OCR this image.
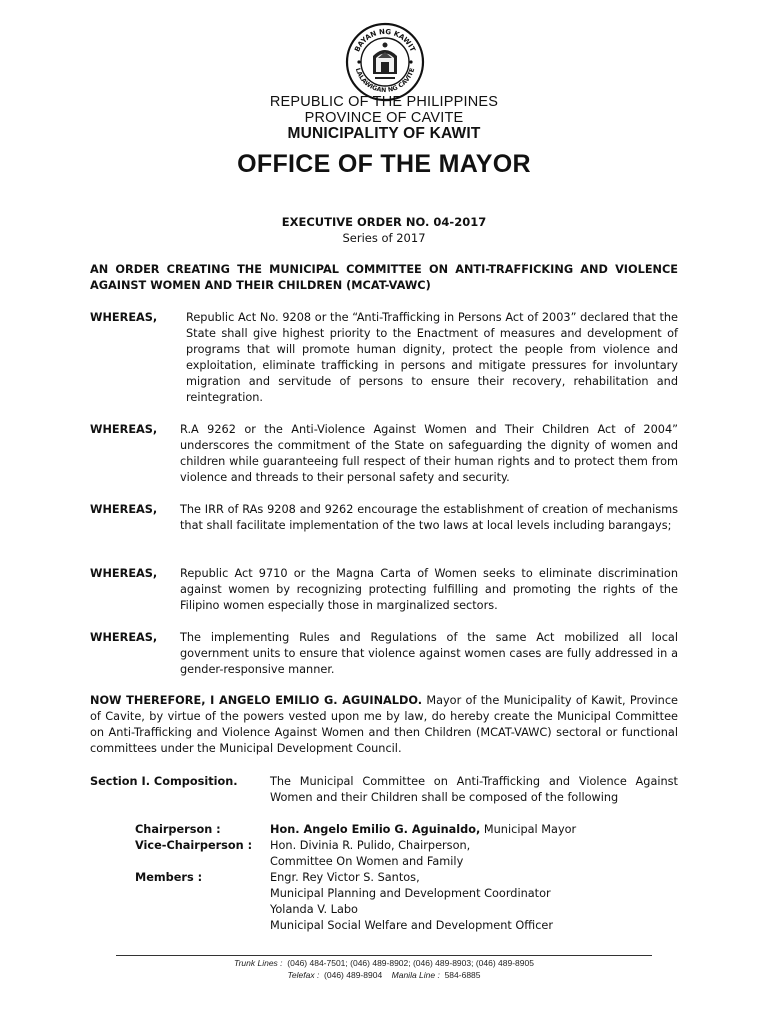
BAYAN NG KAWIT
LALAWIGAN NG CAVITE
REPUBLIC OF THE PHILIPPINES
PROVINCE OF CAVITE
MUNICIPALITY OF KAWIT
OFFICE OF THE MAYOR
EXECUTIVE ORDER NO. 04-2017
Series of 2017
AN ORDER CREATING THE MUNICIPAL COMMITTEE ON ANTI-TRAFFICKING AND VIOLENCE AGAINST WOMEN AND THEIR CHILDREN (MCAT-VAWC)
WHEREAS,	Republic Act No. 9208 or the “Anti-Trafficking in Persons Act of 2003” declared that the State shall give highest priority to the Enactment of measures and development of programs that will promote human dignity, protect the people from violence and exploitation, eliminate trafficking in persons and mitigate pressures for involuntary migration and servitude of persons to ensure their recovery, rehabilitation and reintegration.
WHEREAS, R.A 9262 or the Anti-Violence Against Women and Their Children Act of 2004” underscores the commitment of the State on safeguarding the dignity of women and children while guaranteeing full respect of their human rights and to protect them from violence and threads to their personal safety and security.
WHEREAS, The IRR of RAs 9208 and 9262 encourage the establishment of creation of mechanisms that shall facilitate implementation of the two laws at local levels including barangays;
WHEREAS, Republic Act 9710 or the Magna Carta of Women seeks to eliminate discrimination against women by recognizing protecting fulfilling and promoting the rights of the Filipino women especially those in marginalized sectors.
WHEREAS, The implementing Rules and Regulations of the same Act mobilized all local government units to ensure that violence against women cases are fully addressed in a gender-responsive manner.
NOW THEREFORE, I ANGELO EMILIO G. AGUINALDO. Mayor of the Municipality of Kawit, Province of Cavite, by virtue of the powers vested upon me by law, do hereby create the Municipal Committee on Anti-Trafficking and Violence Against Women and then Children (MCAT-VAWC) sectoral or functional committees under the Municipal Development Council.
Section I. Composition.	The Municipal Committee on Anti-Trafficking and Violence Against Women and their Children shall be composed of the following
Chairperson :	Hon. Angelo Emilio G. Aguinaldo, Municipal Mayor
Vice-Chairperson : Hon. Divinia R. Pulido, Chairperson,
Committee On Women and Family
Members :	Engr. Rey Victor S. Santos,
Municipal Planning and Development Coordinator
Yolanda V. Labo
Municipal Social Welfare and Development Officer
Trunk Lines : (046) 484-7501; (046) 489-8902; (046) 489-8903; (046) 489-8905
Telefax : (046) 489-8904 Manila Line : 584-6885
